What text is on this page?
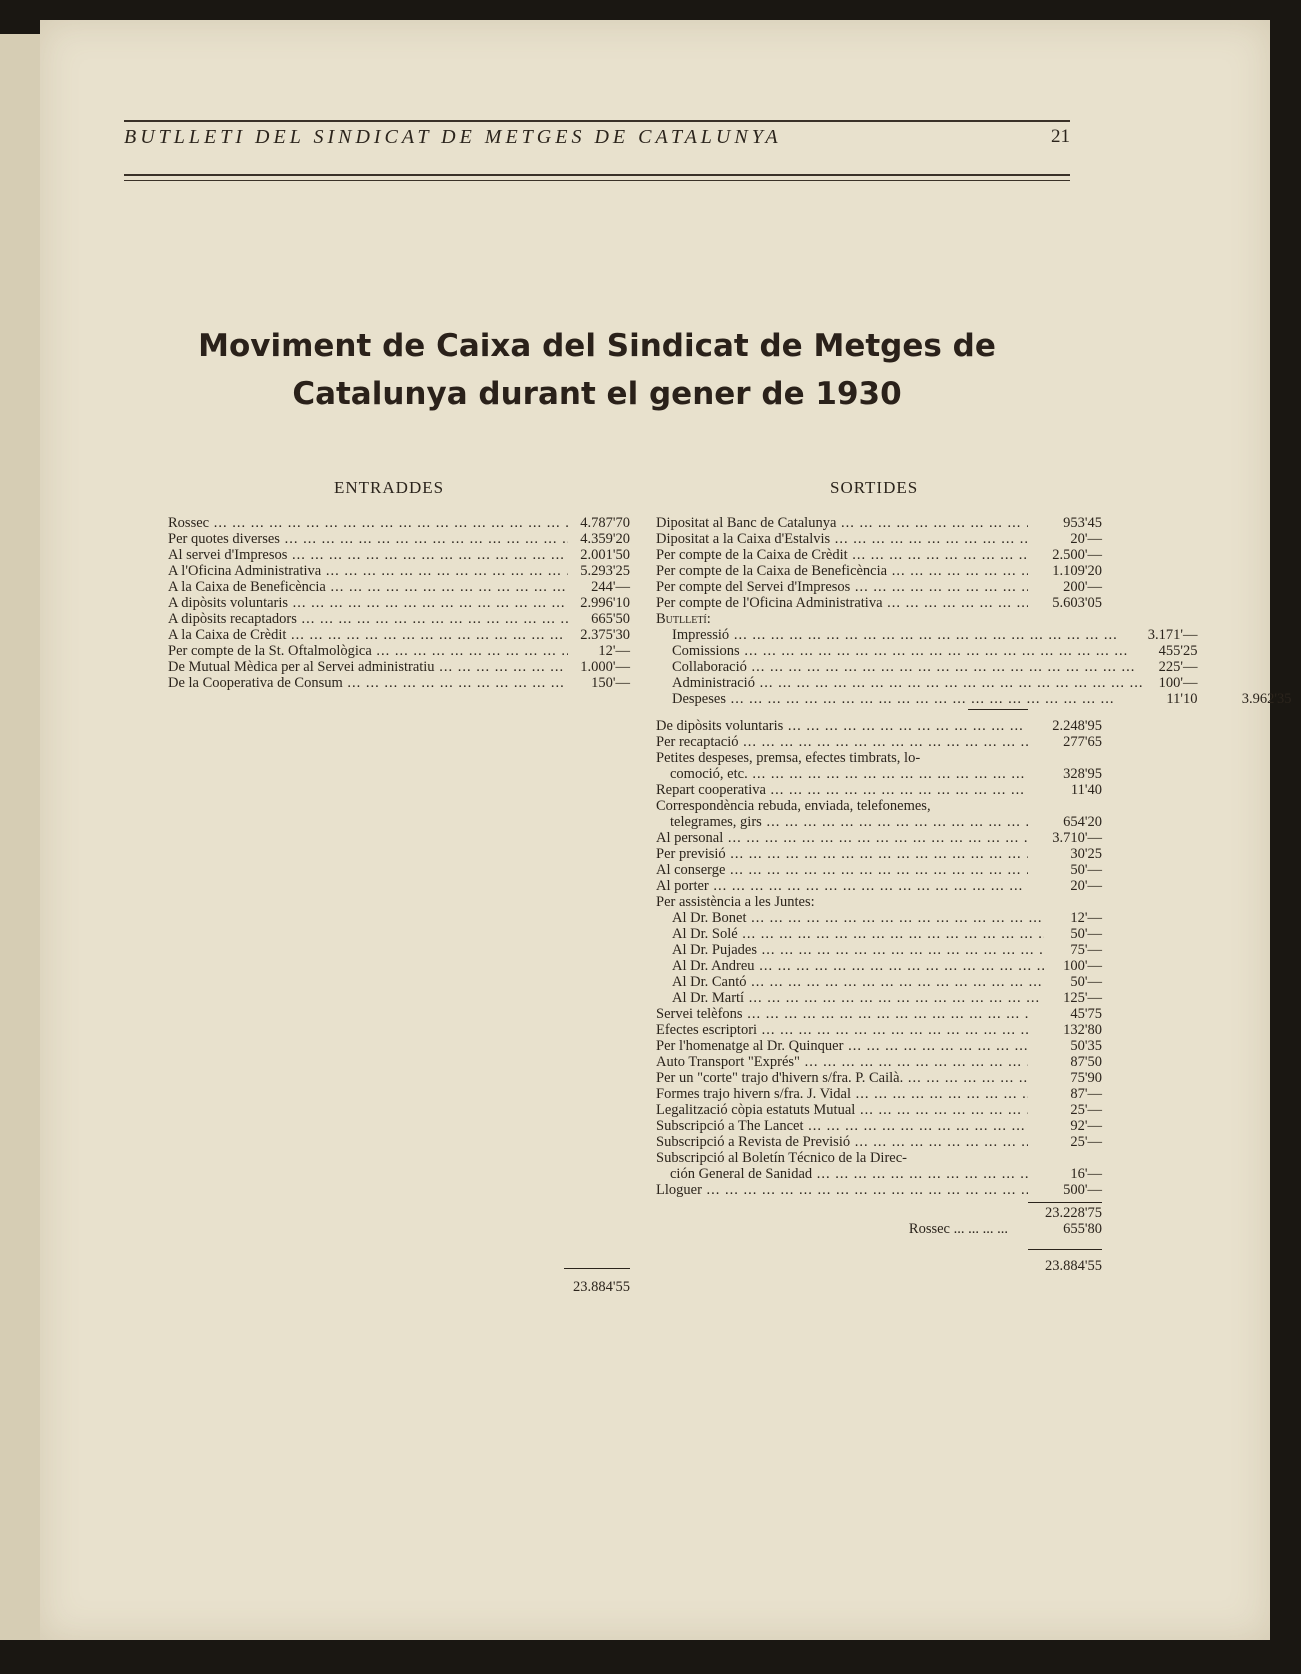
BUTLLETI DEL SINDICAT DE METGES DE CATALUNYA	21
Moviment de Caixa del Sindicat de Metges de
Catalunya durant el gener de 1930
ENTRADDES	SORTIDES
Rossec ... .	4.787'70
Per quotes diverses ... .	4.359'20
Al servei d'Impresos ... .	2.001'50
A l'Oficina Administrativa ... .	5.293'25
A la Caixa de Beneficència ... .	244'—
A dipòsits voluntaris ... .	2.996'10
A dipòsits recaptadors ... .	665'50
A la Caixa de Crèdit ... .	2.375'30
Per compte de la St. Oftalmològica ... .	12'—
De Mutual Mèdica per al Servei administratiu ... .	1.000'—
De la Cooperativa de Consum ... .	150'—
23.884'55
Dipositat al Banc de Catalunya ... .	953'45
Dipositat a la Caixa d'Estalvis ... .	20'—
Per compte de la Caixa de Crèdit ... .	2.500'—
Per compte de la Caixa de Beneficència ... .	1.109'20
Per compte del Servei d'Impresos ... .	200'—
Per compte de l'Oficina Administrativa ... .	5.603'05
Butlletí:
Impressió ... .	3.171'—
Comissions ... .	455'25
Collaboració ... .	225'—
Administració ... .	100'—
Despeses ... .	11'10	3.962'35
De dipòsits voluntaris ... .	2.248'95
Per recaptació ... .	277'65
Petites despeses, premsa, efectes timbrats, lo-
comoció, etc. ... .	328'95
Repart cooperativa ... .	11'40
Correspondència rebuda, enviada, telefonemes,
telegrames, girs ... .	654'20
Al personal ... .	3.710'—
Per previsió ... .	30'25
Al conserge ... .	50'—
Al porter ... .	20'—
Per assistència a les Juntes:
Al Dr. Bonet ... .	12'—
Al Dr. Solé ... .	50'—
Al Dr. Pujades ... .	75'—
Al Dr. Andreu ... .	100'—
Al Dr. Cantó ... .	50'—
Al Dr. Martí ... .	125'—
Servei telèfons ... .	45'75
Efectes escriptori ... .	132'80
Per l'homenatge al Dr. Quinquer ... .	50'35
Auto Transport "Exprés" ... .	87'50
Per un "corte" trajo d'hivern s/fra. P. Cailà. ... .	75'90
Formes trajo hivern s/fra. J. Vidal ... .	87'—
Legalització còpia estatuts Mutual ... .	25'—
Subscripció a The Lancet ... .	92'—
Subscripció a Revista de Previsió ... .	25'—
Subscripció al Boletín Técnico de la Direc-
ción General de Sanidad ... .	16'—
Lloguer ... .	500'—
23.228'75
Rossec ... ... ... ...	655'80
23.884'55
